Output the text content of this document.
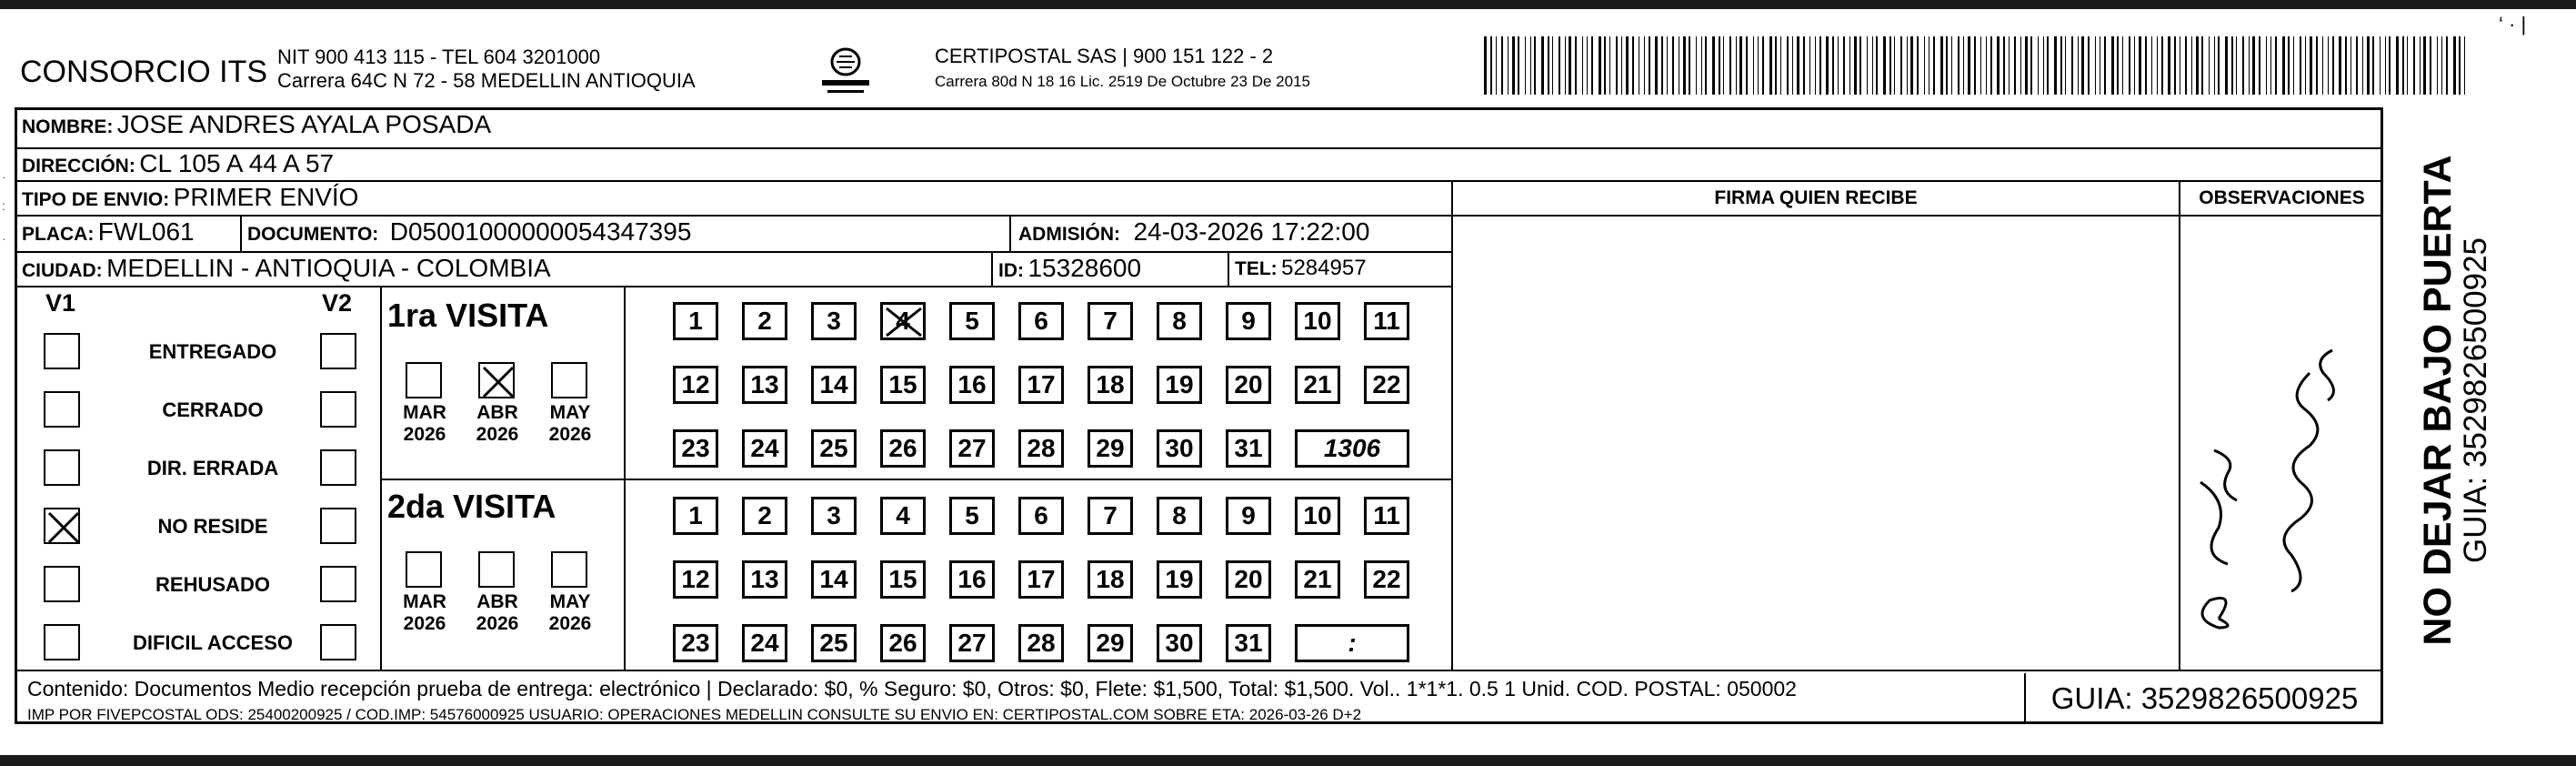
CONSORCIO ITS NIT 900 413 115 - TEL 604 3201000
Carrera 64C N 72 - 58 MEDELLIN ANTIOQUIA
CERTIPOSTAL SAS | 900 151 122 - 2
Carrera 80d N 18 16 Lic. 2519 De Octubre 23 De 2015
‘ · |
NOMBRE: JOSE ANDRES AYALA POSADA
DIRECCIÓN: CL 105 A 44 A 57
TIPO DE ENVIO: PRIMER ENVÍO	FIRMA QUIEN RECIBE	OBSERVACIONES
PLACA: FWL061	DOCUMENTO: D05001000000054347395	ADMISIÓN: 24-03-2026 17:22:00
CIUDAD: MEDELLIN - ANTIOQUIA - COLOMBIA	ID: 15328600	TEL: 5284957
V1	V2
ENTREGADO
CERRADO
DIR. ERRADA
NO RESIDE
REHUSADO
DIFICIL ACCESO
1ra VISITA
MAR
2026
ABR
2026
MAY
2026
1	2	3	4	5	6	7	8	9	10	11
12	13	14	15	16	17	18	19	20	21	22
23	24	25	26	27	28	29	30	31	1306
2da VISITA
MAR
2026
ABR
2026
MAY
2026
1	2	3	4	5	6	7	8	9	10	11
12	13	14	15	16	17	18	19	20	21	22
23	24	25	26	27	28	29	30	31	:
Contenido: Documentos Medio recepción prueba de entrega: electrónico | Declarado: $0, % Seguro: $0, Otros: $0, Flete: $1,500, Total: $1,500. Vol.. 1*1*1. 0.5 1 Unid. COD. POSTAL: 050002
IMP POR FIVEPCOSTAL ODS: 25400200925 / COD.IMP: 54576000925 USUARIO: OPERACIONES MEDELLIN CONSULTE SU ENVIO EN: CERTIPOSTAL.COM SOBRE ETA: 2026-03-26 D+2	GUIA: 3529826500925
NO DEJAR BAJO PUERTA
GUIA: 3529826500925
·
:
·
